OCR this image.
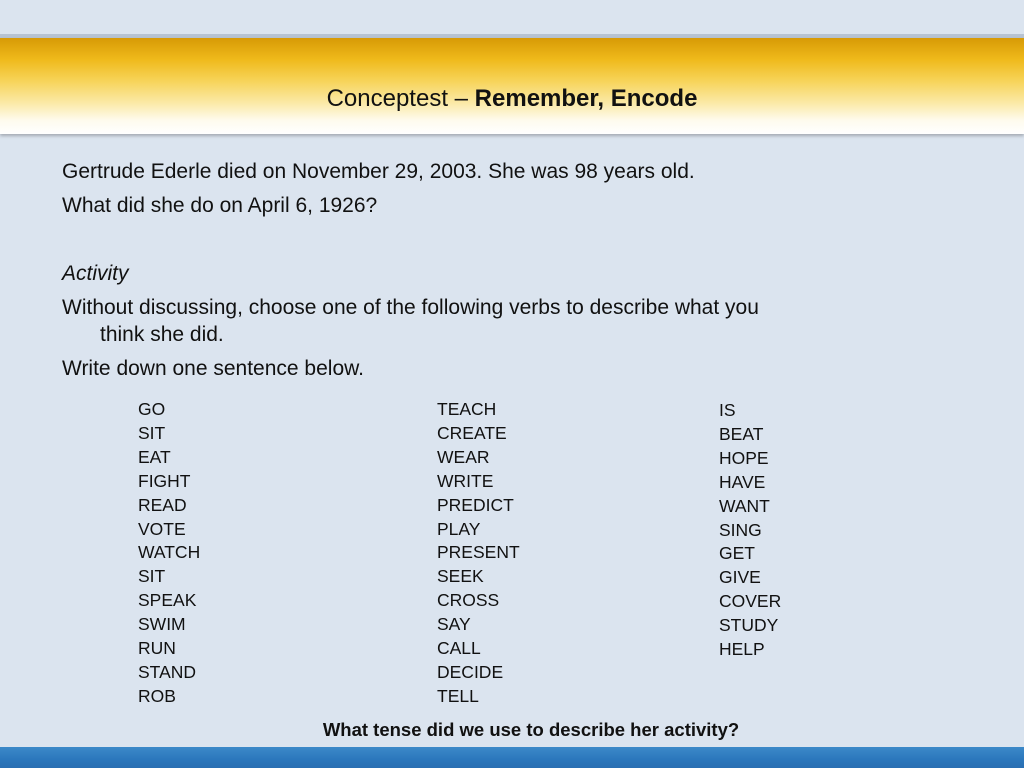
Conceptest – Remember, Encode
Gertrude Ederle died on November 29, 2003. She was 98 years old.
What did she do on April 6, 1926?
Activity
Without discussing, choose one of the following verbs to describe what you
think she did.
Write down one sentence below.
GO
SIT
EAT
FIGHT
READ
VOTE
WATCH
SIT
SPEAK
SWIM
RUN
STAND
ROB
TEACH
CREATE
WEAR
WRITE
PREDICT
PLAY
PRESENT
SEEK
CROSS
SAY
CALL
DECIDE
TELL
IS
BEAT
HOPE
HAVE
WANT
SING
GET
GIVE
COVER
STUDY
HELP
What tense did we use to describe her activity?
